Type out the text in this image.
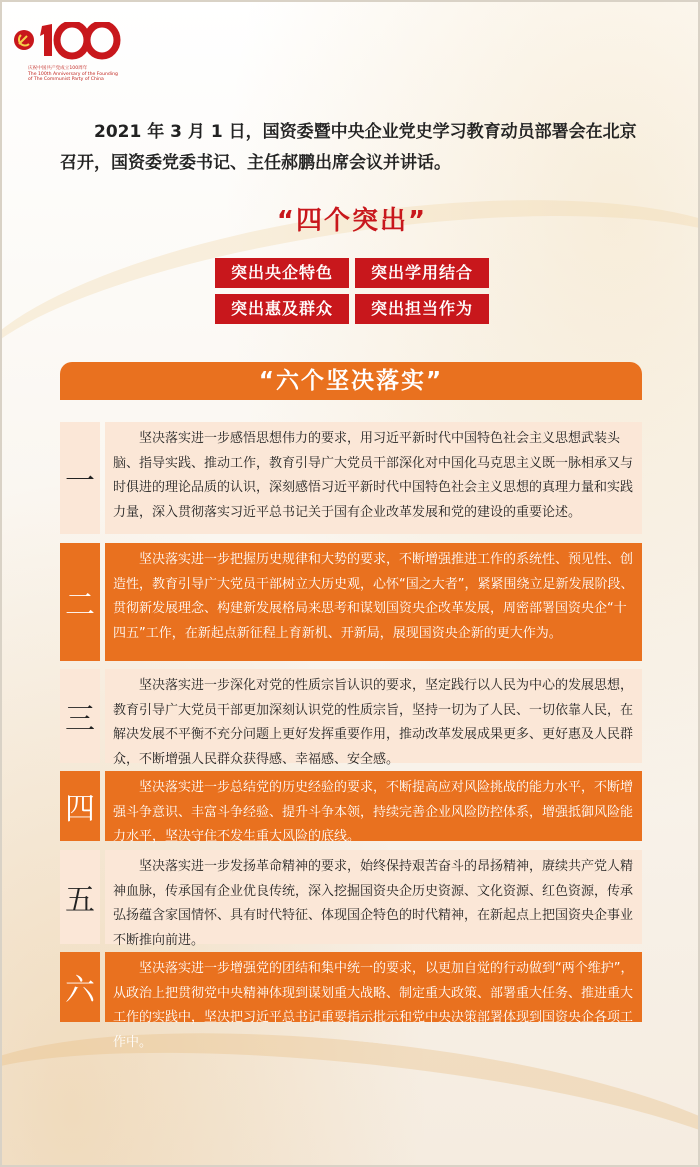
庆祝中国共产党成立100周年
The 100th Anniversary of the Founding of The Communist Party of China
2021 年 3 月 1 日，国资委暨中央企业党史学习教育动员部署会在北京召开，国资委党委书记、主任郝鹏出席会议并讲话。
“四个突出”
突出央企特色	突出学用结合
突出惠及群众	突出担当作为
“六个坚决落实”
一
坚决落实进一步感悟思想伟力的要求，用习近平新时代中国特色社会主义思想武装头脑、指导实践、推动工作，教育引导广大党员干部深化对中国化马克思主义既一脉相承又与时俱进的理论品质的认识，深刻感悟习近平新时代中国特色社会主义思想的真理力量和实践力量，深入贯彻落实习近平总书记关于国有企业改革发展和党的建设的重要论述。
二
坚决落实进一步把握历史规律和大势的要求，不断增强推进工作的系统性、预见性、创造性，教育引导广大党员干部树立大历史观，心怀“国之大者”，紧紧围绕立足新发展阶段、贯彻新发展理念、构建新发展格局来思考和谋划国资央企改革发展，周密部署国资央企“十四五”工作，在新起点新征程上育新机、开新局，展现国资央企新的更大作为。
三
坚决落实进一步深化对党的性质宗旨认识的要求，坚定践行以人民为中心的发展思想，教育引导广大党员干部更加深刻认识党的性质宗旨，坚持一切为了人民、一切依靠人民，在解决发展不平衡不充分问题上更好发挥重要作用，推动改革发展成果更多、更好惠及人民群众，不断增强人民群众获得感、幸福感、安全感。
四
坚决落实进一步总结党的历史经验的要求，不断提高应对风险挑战的能力水平，不断增强斗争意识、丰富斗争经验、提升斗争本领，持续完善企业风险防控体系，增强抵御风险能力水平，坚决守住不发生重大风险的底线。
五
坚决落实进一步发扬革命精神的要求，始终保持艰苦奋斗的昂扬精神，赓续共产党人精神血脉，传承国有企业优良传统，深入挖掘国资央企历史资源、文化资源、红色资源，传承弘扬蕴含家国情怀、具有时代特征、体现国企特色的时代精神，在新起点上把国资央企事业不断推向前进。
六
坚决落实进一步增强党的团结和集中统一的要求，以更加自觉的行动做到“两个维护”，从政治上把贯彻党中央精神体现到谋划重大战略、制定重大政策、部署重大任务、推进重大工作的实践中，坚决把习近平总书记重要指示批示和党中央决策部署体现到国资央企各项工作中。
